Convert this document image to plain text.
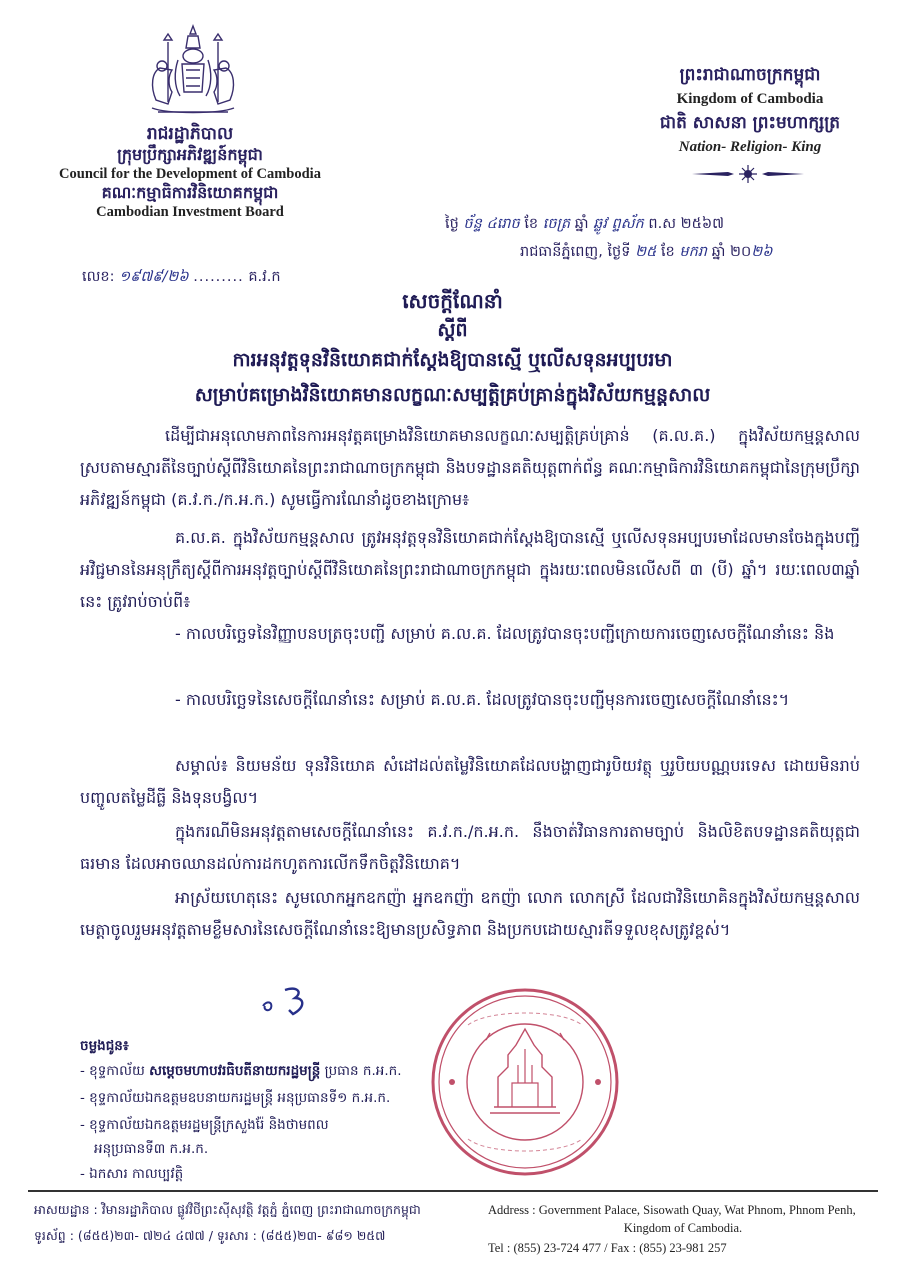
រាជរដ្ឋាភិបាល
ក្រុមប្រឹក្សាអភិវឌ្ឍន៍កម្ពុជា
Council for the Development of Cambodia
គណៈកម្មាធិការវិនិយោគកម្ពុជា
Cambodian Investment Board
ព្រះរាជាណាចក្រកម្ពុជា
Kingdom of Cambodia
ជាតិ សាសនា ព្រះមហាក្សត្រ
Nation- Religion- King
ថ្ងៃ ច័ន្ទ ៤រោច ខែ ចេត្រ ឆ្នាំ ឆ្លូវ ព្ទស័ក ព.ស ២៥៦៧
រាជធានីភ្នំពេញ, ថ្ងៃទី ២៥ ខែ មករា ឆ្នាំ ២០២៦
លេខ: ១៩៧៩/២៦ ......... គ.វ.ក
សេចក្ដីណែនាំ
ស្ដីពី
ការអនុវត្តទុនវិនិយោគជាក់ស្ដែងឱ្យបានស្មើ ឬលើសទុនអប្បបរមា
សម្រាប់គម្រោងវិនិយោគមានលក្ខណៈសម្បត្តិគ្រប់គ្រាន់ក្នុងវិស័យកម្មន្តសាល
ដើម្បីជាអនុលោមភាពនៃការអនុវត្តគម្រោងវិនិយោគមានលក្ខណៈសម្បត្តិគ្រប់គ្រាន់ (គ.ល.គ.) ក្នុងវិស័យកម្មន្តសាល ស្របតាមស្មារតីនៃច្បាប់ស្ដីពីវិនិយោគនៃព្រះរាជាណាចក្រកម្ពុជា និងបទដ្ឋានគតិយុត្តពាក់ព័ន្ធ គណៈកម្មាធិការវិនិយោគកម្ពុជានៃក្រុមប្រឹក្សាអភិវឌ្ឍន៍កម្ពុជា (គ.វ.ក./ក.អ.ក.) សូមធ្វើការណែនាំដូចខាងក្រោម៖
គ.ល.គ. ក្នុងវិស័យកម្មន្តសាល ត្រូវអនុវត្តទុនវិនិយោគជាក់ស្ដែងឱ្យបានស្មើ ឬលើសទុនអប្បបរមាដែលមានចែងក្នុងបញ្ជីអវិជ្ជមាននៃអនុក្រឹត្យស្ដីពីការអនុវត្តច្បាប់ស្ដីពីវិនិយោគនៃព្រះរាជាណាចក្រកម្ពុជា ក្នុងរយៈពេលមិនលើសពី ៣ (បី) ឆ្នាំ។ រយៈពេល៣ឆ្នាំនេះ ត្រូវរាប់ចាប់ពី៖
- កាលបរិច្ឆេទនៃវិញ្ញាបនបត្រចុះបញ្ជី សម្រាប់ គ.ល.គ. ដែលត្រូវបានចុះបញ្ជីក្រោយការចេញសេចក្ដីណែនាំនេះ និង
- កាលបរិច្ឆេទនៃសេចក្ដីណែនាំនេះ សម្រាប់ គ.ល.គ. ដែលត្រូវបានចុះបញ្ជីមុនការចេញសេចក្ដីណែនាំនេះ។
សម្គាល់៖ និយមន័យ ទុនវិនិយោគ សំដៅដល់តម្លៃវិនិយោគដែលបង្ហាញជារូបិយវត្ថុ ឬរូបិយបណ្ណបរទេស ដោយមិនរាប់បញ្ចូលតម្លៃដីធ្លី និងទុនបង្វិល។
ក្នុងករណីមិនអនុវត្តតាមសេចក្ដីណែនាំនេះ គ.វ.ក./ក.អ.ក. នឹងចាត់វិធានការតាមច្បាប់ និងលិខិតបទដ្ឋានគតិយុត្តជាធរមាន ដែលអាចឈានដល់ការដកហូតការលើកទឹកចិត្តវិនិយោគ។
អាស្រ័យហេតុនេះ សូមលោកអ្នកឧកញ៉ា អ្នកឧកញ៉ា ឧកញ៉ា លោក លោកស្រី ដែលជាវិនិយោគិនក្នុងវិស័យកម្មន្តសាល មេត្តាចូលរួមអនុវត្តតាមខ្លឹមសារនៃសេចក្ដីណែនាំនេះឱ្យមានប្រសិទ្ធភាព និងប្រកបដោយស្មារតីទទួលខុសត្រូវខ្ពស់។
ចម្លងជូន៖
- ខុទ្ទកាល័យ សម្ដេចមហាបវរធិបតីនាយករដ្ឋមន្ត្រី ប្រធាន ក.អ.ក.
- ខុទ្ទកាល័យឯកឧត្តមឧបនាយករដ្ឋមន្ត្រី អនុប្រធានទី១ ក.អ.ក.
- ខុទ្ទកាល័យឯកឧត្តមរដ្ឋមន្ត្រីក្រសួងរ៉ែ និងថាមពល
អនុប្រធានទី៣ ក.អ.ក.
- ឯកសារ កាលប្បវត្តិ
អាសយដ្ឋាន : វិមានរដ្ឋាភិបាល ផ្លូវវិថីព្រះស៊ីសុវត្ថិ វត្តភ្នំ ភ្នំពេញ ព្រះរាជាណាចក្រកម្ពុជា
ទូរស័ព្ទ : (៨៥៥)២៣- ៧២៤ ៤៧៧ / ទូរសារ : (៨៥៥)២៣- ៩៨១ ២៥៧
Address : Government Palace, Sisowath Quay, Wat Phnom, Phnom Penh,
Kingdom of Cambodia.
Tel : (855) 23-724 477 / Fax : (855) 23-981 257
